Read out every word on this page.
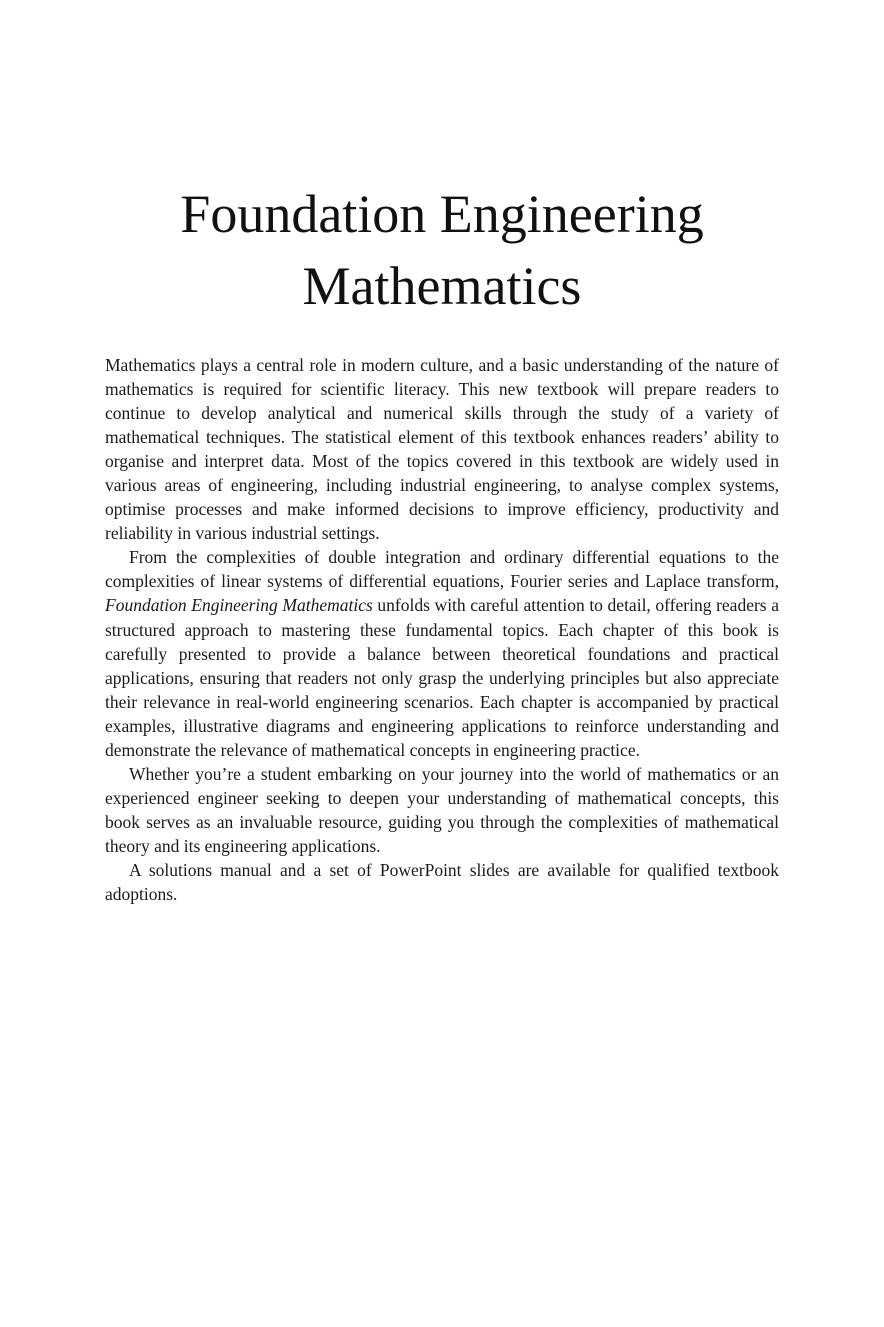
Foundation Engineering
Mathematics

Mathematics plays a central role in modern culture, and a basic understanding of the nature of mathematics is required for scientific literacy. This new textbook will prepare readers to continue to develop analytical and numerical skills through the study of a variety of mathematical techniques. The statistical element of this textbook enhances readers’ ability to organise and interpret data. Most of the topics covered in this textbook are widely used in various areas of engineering, including industrial engineering, to analyse complex systems, optimise processes and make informed decisions to improve efficiency, productivity and reliability in various industrial settings.

From the complexities of double integration and ordinary differential equations to the complexities of linear systems of differential equations, Fourier series and Laplace transform, Foundation Engineering Mathematics unfolds with careful attention to detail, offering readers a structured approach to mastering these fundamental topics. Each chapter of this book is carefully presented to provide a balance between theoretical foundations and practical applications, ensuring that readers not only grasp the underlying principles but also appreciate their relevance in real-world engineering scenarios. Each chapter is accompanied by practical examples, illustrative diagrams and engineering applications to reinforce understanding and demonstrate the relevance of mathematical concepts in engineering practice.

Whether you’re a student embarking on your journey into the world of mathematics or an experienced engineer seeking to deepen your understanding of mathematical concepts, this book serves as an invaluable resource, guiding you through the complexities of mathematical theory and its engineering applications.

A solutions manual and a set of PowerPoint slides are available for qualified textbook adoptions.
